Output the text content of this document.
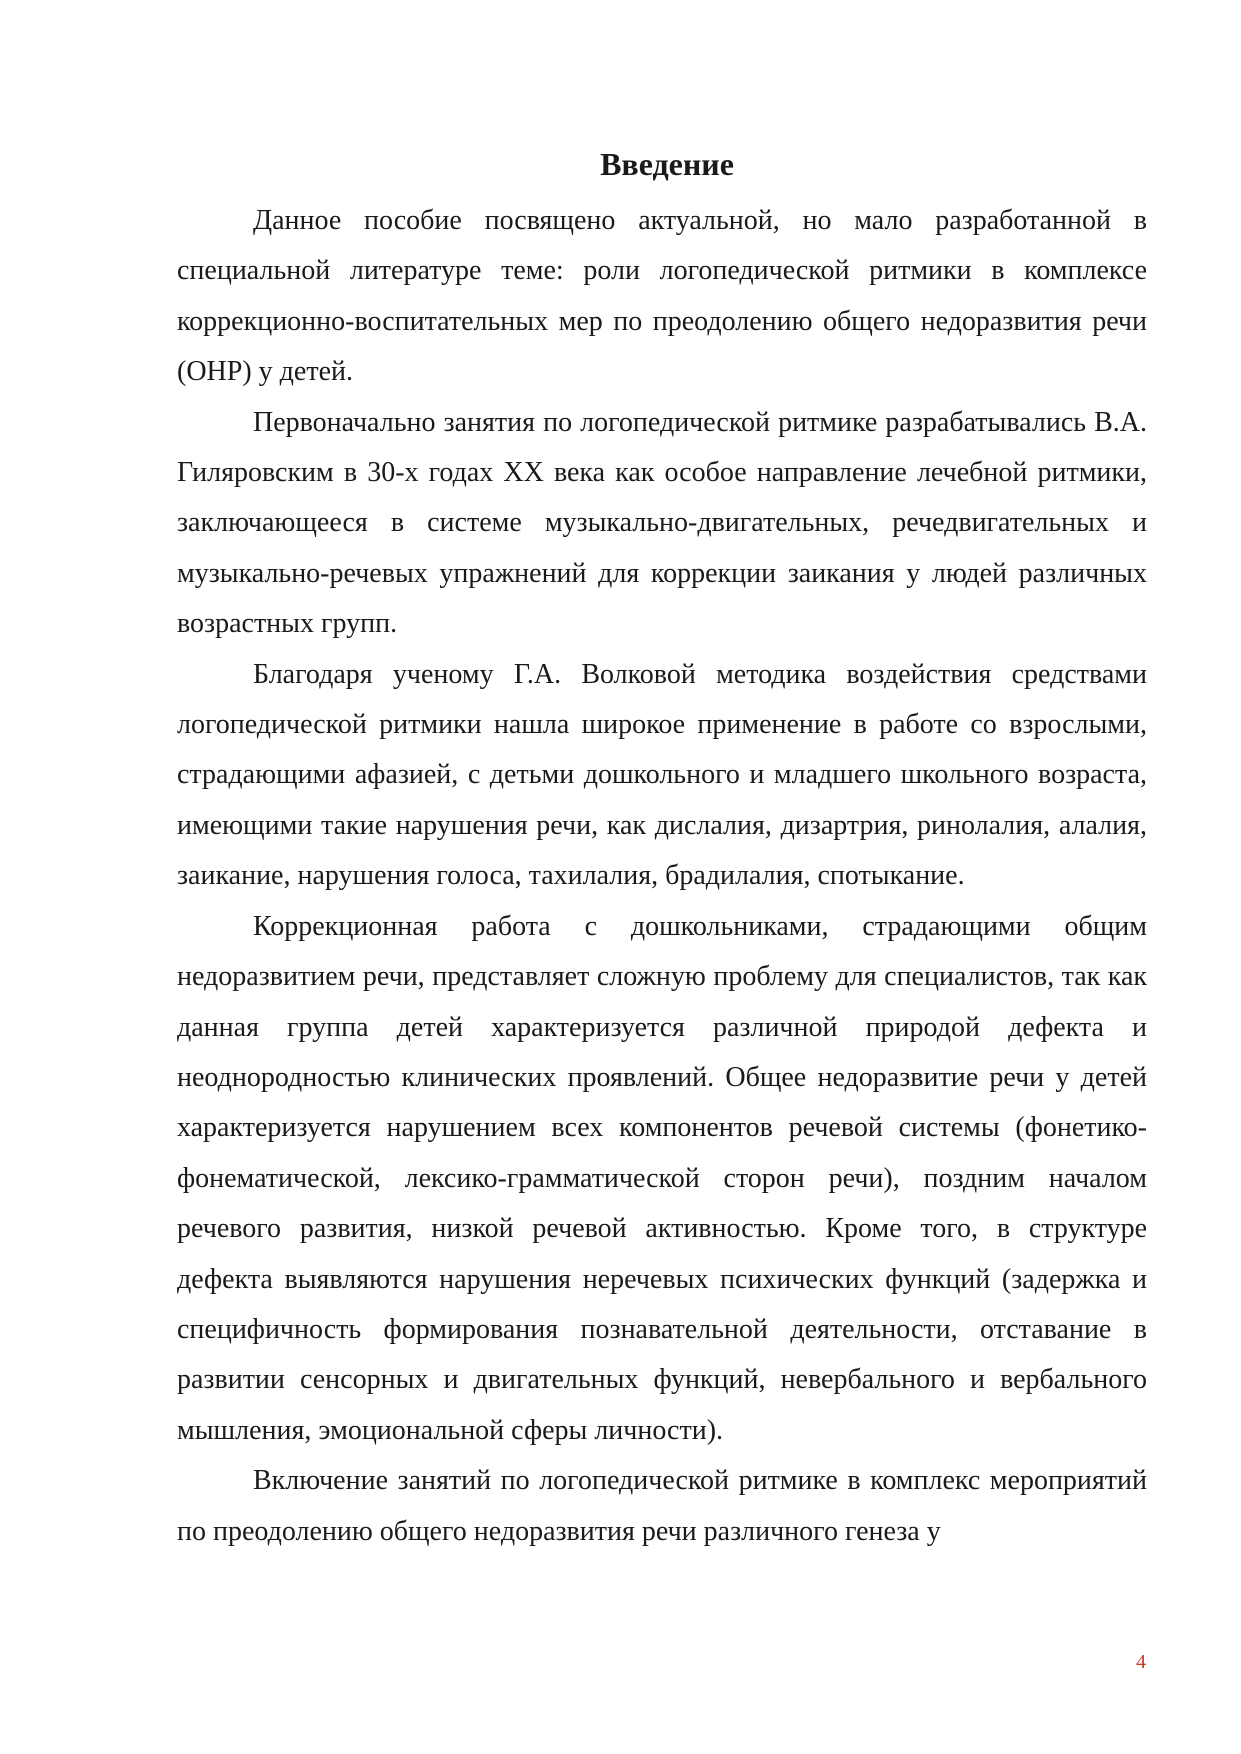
Введение

Данное пособие посвящено актуальной, но мало разработанной в специальной литературе теме: роли логопедической ритмики в комплексе коррекционно-воспитательных мер по преодолению общего недоразвития речи (ОНР) у детей.

Первоначально занятия по логопедической ритмике разрабатывались В.А. Гиляровским в 30-х годах XX века как особое направление лечебной ритмики, заключающееся в системе музыкально-двигательных, речедвигательных и музыкально-речевых упражнений для коррекции заикания у людей различных возрастных групп.

Благодаря ученому Г.А. Волковой методика воздействия средствами логопедической ритмики нашла широкое применение в работе со взрослыми, страдающими афазией, с детьми дошкольного и младшего школьного возраста, имеющими такие нарушения речи, как дислалия, дизартрия, ринолалия, алалия, заикание, нарушения голоса, тахилалия, брадилалия, спотыкание.

Коррекционная работа с дошкольниками, страдающими общим недоразвитием речи, представляет сложную проблему для специалистов, так как данная группа детей характеризуется различной природой дефекта и неоднородностью клинических проявлений. Общее недоразвитие речи у детей характеризуется нарушением всех компонентов речевой системы (фонетико-фонематической, лексико-грамматической сторон речи), поздним началом речевого развития, низкой речевой активностью. Кроме того, в структуре дефекта выявляются нарушения неречевых психических функций (задержка и специфичность формирования познавательной деятельности, отставание в развитии сенсорных и двигательных функций, невербального и вербального мышления, эмоциональной сферы личности).

Включение занятий по логопедической ритмике в комплекс мероприятий по преодолению общего недоразвития речи различного генеза у

4
